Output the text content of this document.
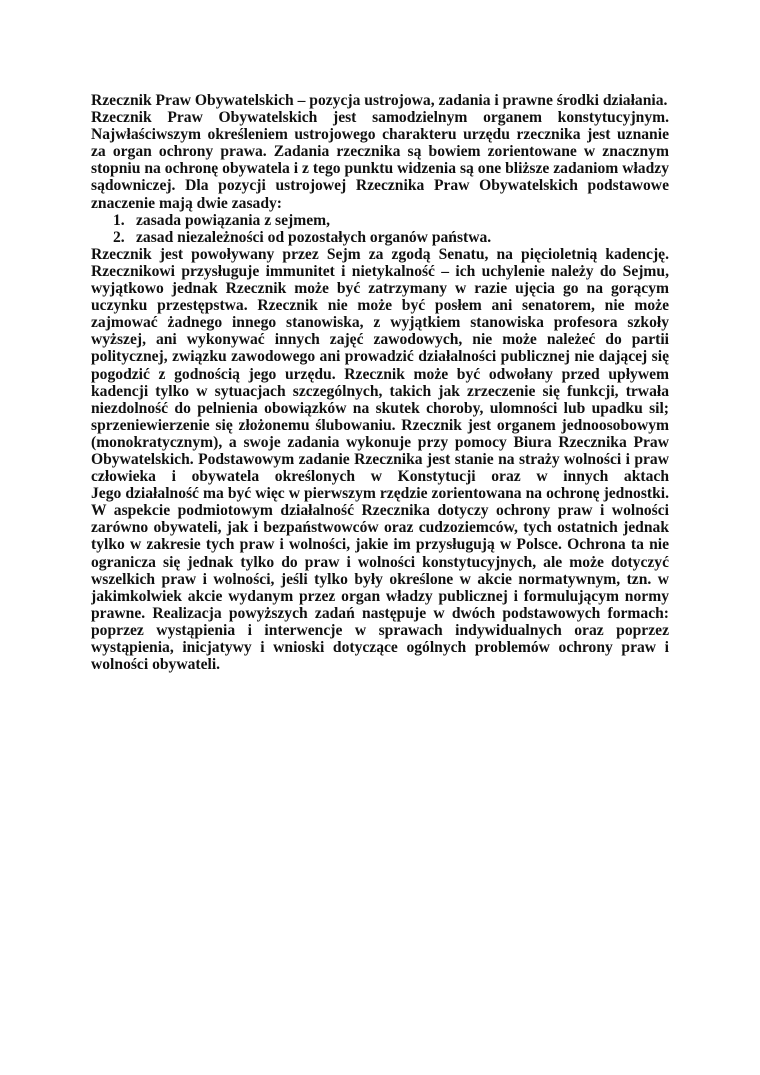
Rzecznik Praw Obywatelskich – pozycja ustrojowa, zadania i prawne środki działania.
Rzecznik Praw Obywatelskich jest samodzielnym organem konstytucyjnym.
Najwłaściwszym określeniem ustrojowego charakteru urzędu rzecznika jest uznanie
za organ ochrony prawa. Zadania rzecznika są bowiem zorientowane w znacznym
stopniu na ochronę obywatela i z tego punktu widzenia są one bliższe zadaniom władzy
sądowniczej. Dla pozycji ustrojowej Rzecznika Praw Obywatelskich podstawowe
znaczenie mają dwie zasady:
1. zasada powiązania z sejmem,
2. zasad niezależności od pozostałych organów państwa.
Rzecznik jest powoływany przez Sejm za zgodą Senatu, na pięcioletnią kadencję.
Rzecznikowi przysługuje immunitet i nietykalność – ich uchylenie należy do Sejmu,
wyjątkowo jednak Rzecznik może być zatrzymany w razie ujęcia go na gorącym
uczynku przestępstwa. Rzecznik nie może być posłem ani senatorem, nie może
zajmować żadnego innego stanowiska, z wyjątkiem stanowiska profesora szkoły
wyższej, ani wykonywać innych zajęć zawodowych, nie może należeć do partii
politycznej, związku zawodowego ani prowadzić działalności publicznej nie dającej się
pogodzić z godnością jego urzędu. Rzecznik może być odwołany przed upływem
kadencji tylko w sytuacjach szczególnych, takich jak zrzeczenie się funkcji, trwała
niezdolność do pelnienia obowiązków na skutek choroby, ulomności lub upadku sil;
sprzeniewierzenie się złożonemu ślubowaniu. Rzecznik jest organem jednoosobowym
(monokratycznym), a swoje zadania wykonuje przy pomocy Biura Rzecznika Praw
Obywatelskich. Podstawowym zadanie Rzecznika jest stanie na straży wolności i praw
człowieka i obywatela określonych w Konstytucji oraz w innych aktach
Jego działalność ma być więc w pierwszym rzędzie zorientowana na ochronę jednostki.
W aspekcie podmiotowym działalność Rzecznika dotyczy ochrony praw i wolności
zarówno obywateli, jak i bezpaństwowców oraz cudzoziemców, tych ostatnich jednak
tylko w zakresie tych praw i wolności, jakie im przysługują w Polsce. Ochrona ta nie
ogranicza się jednak tylko do praw i wolności konstytucyjnych, ale może dotyczyć
wszelkich praw i wolności, jeśli tylko były określone w akcie normatywnym, tzn. w
jakimkolwiek akcie wydanym przez organ władzy publicznej i formulującym normy
prawne. Realizacja powyższych zadań następuje w dwóch podstawowych formach:
poprzez wystąpienia i interwencje w sprawach indywidualnych oraz poprzez
wystąpienia, inicjatywy i wnioski dotyczące ogólnych problemów ochrony praw i
wolności obywateli.
